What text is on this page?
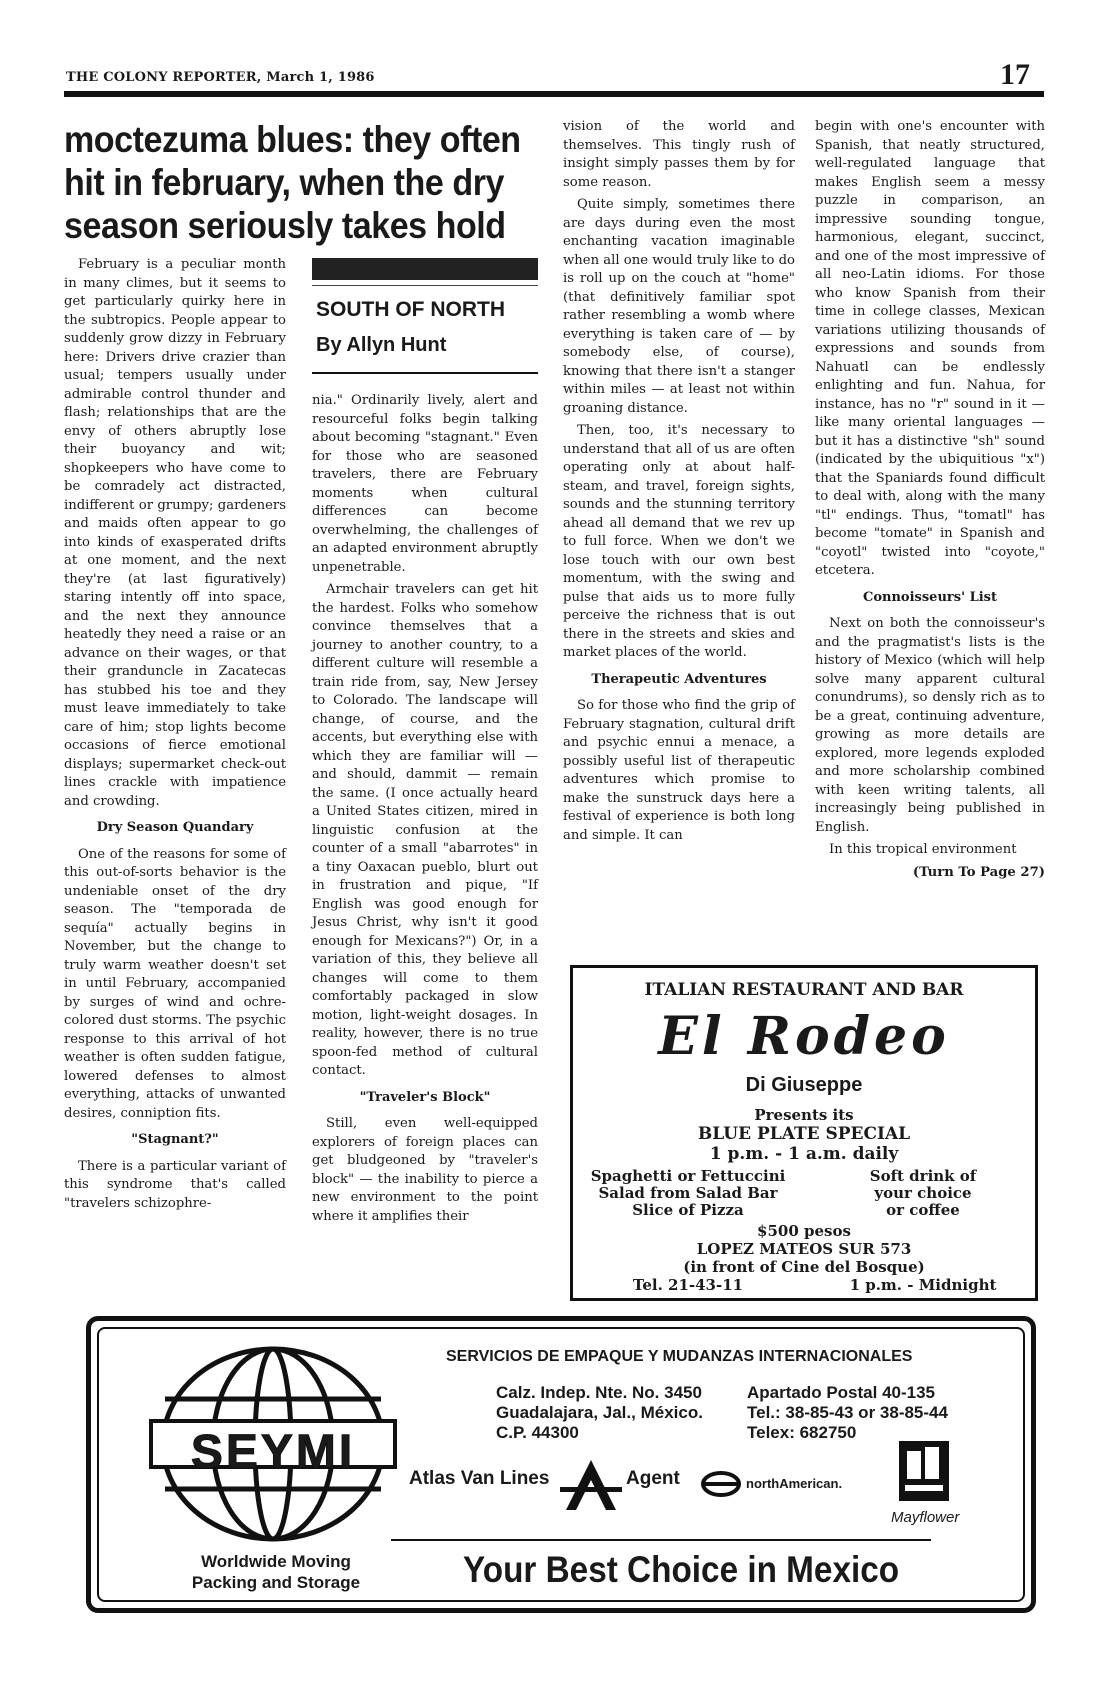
THE COLONY REPORTER, March 1, 1986	17
moctezuma blues: they often hit in february, when the dry season seriously takes hold

February is a peculiar month in many climes, but it seems to get particularly quirky here in the subtropics. People appear to suddenly grow dizzy in February here: Drivers drive crazier than usual; tempers usually under admirable control thunder and flash; relationships that are the envy of others abruptly lose their buoyancy and wit; shopkeepers who have come to be comradely act distracted, indifferent or grumpy; gardeners and maids often appear to go into kinds of exasperated drifts at one moment, and the next they're (at last figuratively) staring intently off into space, and the next they announce heatedly they need a raise or an advance on their wages, or that their granduncle in Zacatecas has stubbed his toe and they must leave immediately to take care of him; stop lights become occasions of fierce emotional displays; supermarket check-out lines crackle with impatience and crowding.

Dry Season Quandary

One of the reasons for some of this out-of-sorts behavior is the undeniable onset of the dry season. The "temporada de sequía" actually begins in November, but the change to truly warm weather doesn't set in until February, accompanied by surges of wind and ochre-colored dust storms. The psychic response to this arrival of hot weather is often sudden fatigue, lowered defenses to almost everything, attacks of unwanted desires, conniption fits.

"Stagnant?"

There is a particular variant of this syndrome that's called "travelers schizophre-

SOUTH OF NORTH
By Allyn Hunt

nia." Ordinarily lively, alert and resourceful folks begin talking about becoming "stagnant." Even for those who are seasoned travelers, there are February moments when cultural differences can become overwhelming, the challenges of an adapted environment abruptly unpenetrable.

Armchair travelers can get hit the hardest. Folks who somehow convince themselves that a journey to another country, to a different culture will resemble a train ride from, say, New Jersey to Colorado. The landscape will change, of course, and the accents, but everything else with which they are familiar will — and should, dammit — remain the same. (I once actually heard a United States citizen, mired in linguistic confusion at the counter of a small "abarrotes" in a tiny Oaxacan pueblo, blurt out in frustration and pique, "If English was good enough for Jesus Christ, why isn't it good enough for Mexicans?") Or, in a variation of this, they believe all changes will come to them comfortably packaged in slow motion, light-weight dosages. In reality, however, there is no true spoon-fed method of cultural contact.

"Traveler's Block"

Still, even well-equipped explorers of foreign places can get bludgeoned by "traveler's block" — the inability to pierce a new environment to the point where it amplifies their

vision of the world and themselves. This tingly rush of insight simply passes them by for some reason.

Quite simply, sometimes there are days during even the most enchanting vacation imaginable when all one would truly like to do is roll up on the couch at "home" (that definitively familiar spot rather resembling a womb where everything is taken care of — by somebody else, of course), knowing that there isn't a stanger within miles — at least not within groaning distance.

Then, too, it's necessary to understand that all of us are often operating only at about half-steam, and travel, foreign sights, sounds and the stunning territory ahead all demand that we rev up to full force. When we don't we lose touch with our own best momentum, with the swing and pulse that aids us to more fully perceive the richness that is out there in the streets and skies and market places of the world.

Therapeutic Adventures

So for those who find the grip of February stagnation, cultural drift and psychic ennui a menace, a possibly useful list of therapeutic adventures which promise to make the sunstruck days here a festival of experience is both long and simple. It can

begin with one's encounter with Spanish, that neatly structured, well-regulated language that makes English seem a messy puzzle in comparison, an impressive sounding tongue, harmonious, elegant, succinct, and one of the most impressive of all neo-Latin idioms. For those who know Spanish from their time in college classes, Mexican variations utilizing thousands of expressions and sounds from Nahuatl can be endlessly enlighting and fun. Nahua, for instance, has no "r" sound in it — like many oriental languages — but it has a distinctive "sh" sound (indicated by the ubiquitious "x") that the Spaniards found difficult to deal with, along with the many "tl" endings. Thus, "tomatl" has become "tomate" in Spanish and "coyotl" twisted into "coyote," etcetera.

Connoisseurs' List

Next on both the connoisseur's and the pragmatist's lists is the history of Mexico (which will help solve many apparent cultural conundrums), so densly rich as to be a great, continuing adventure, growing as more details are explored, more legends exploded and more scholarship combined with keen writing talents, all increasingly being published in English.

In this tropical environment

(Turn To Page 27)
ITALIAN RESTAURANT AND BAR
El Rodeo
Di Giuseppe
Presents its
BLUE PLATE SPECIAL
1 p.m. - 1 a.m. daily
Spaghetti or Fettuccini
Salad from Salad Bar
Slice of Pizza
Soft drink of
your choice
or coffee
$500 pesos
LOPEZ MATEOS SUR 573
(in front of Cine del Bosque)
Tel. 21-43-11	1 p.m. - Midnight
SEYMI
Worldwide Moving
Packing and Storage
SERVICIOS DE EMPAQUE Y MUDANZAS INTERNACIONALES
Calz. Indep. Nte. No. 3450
Guadalajara, Jal., México.
C.P. 44300
Apartado Postal 40-135
Tel.: 38-85-43 or 38-85-44
Telex: 682750
Atlas Van Lines	Agent	northAmerican.
Mayflower
Your Best Choice in Mexico
